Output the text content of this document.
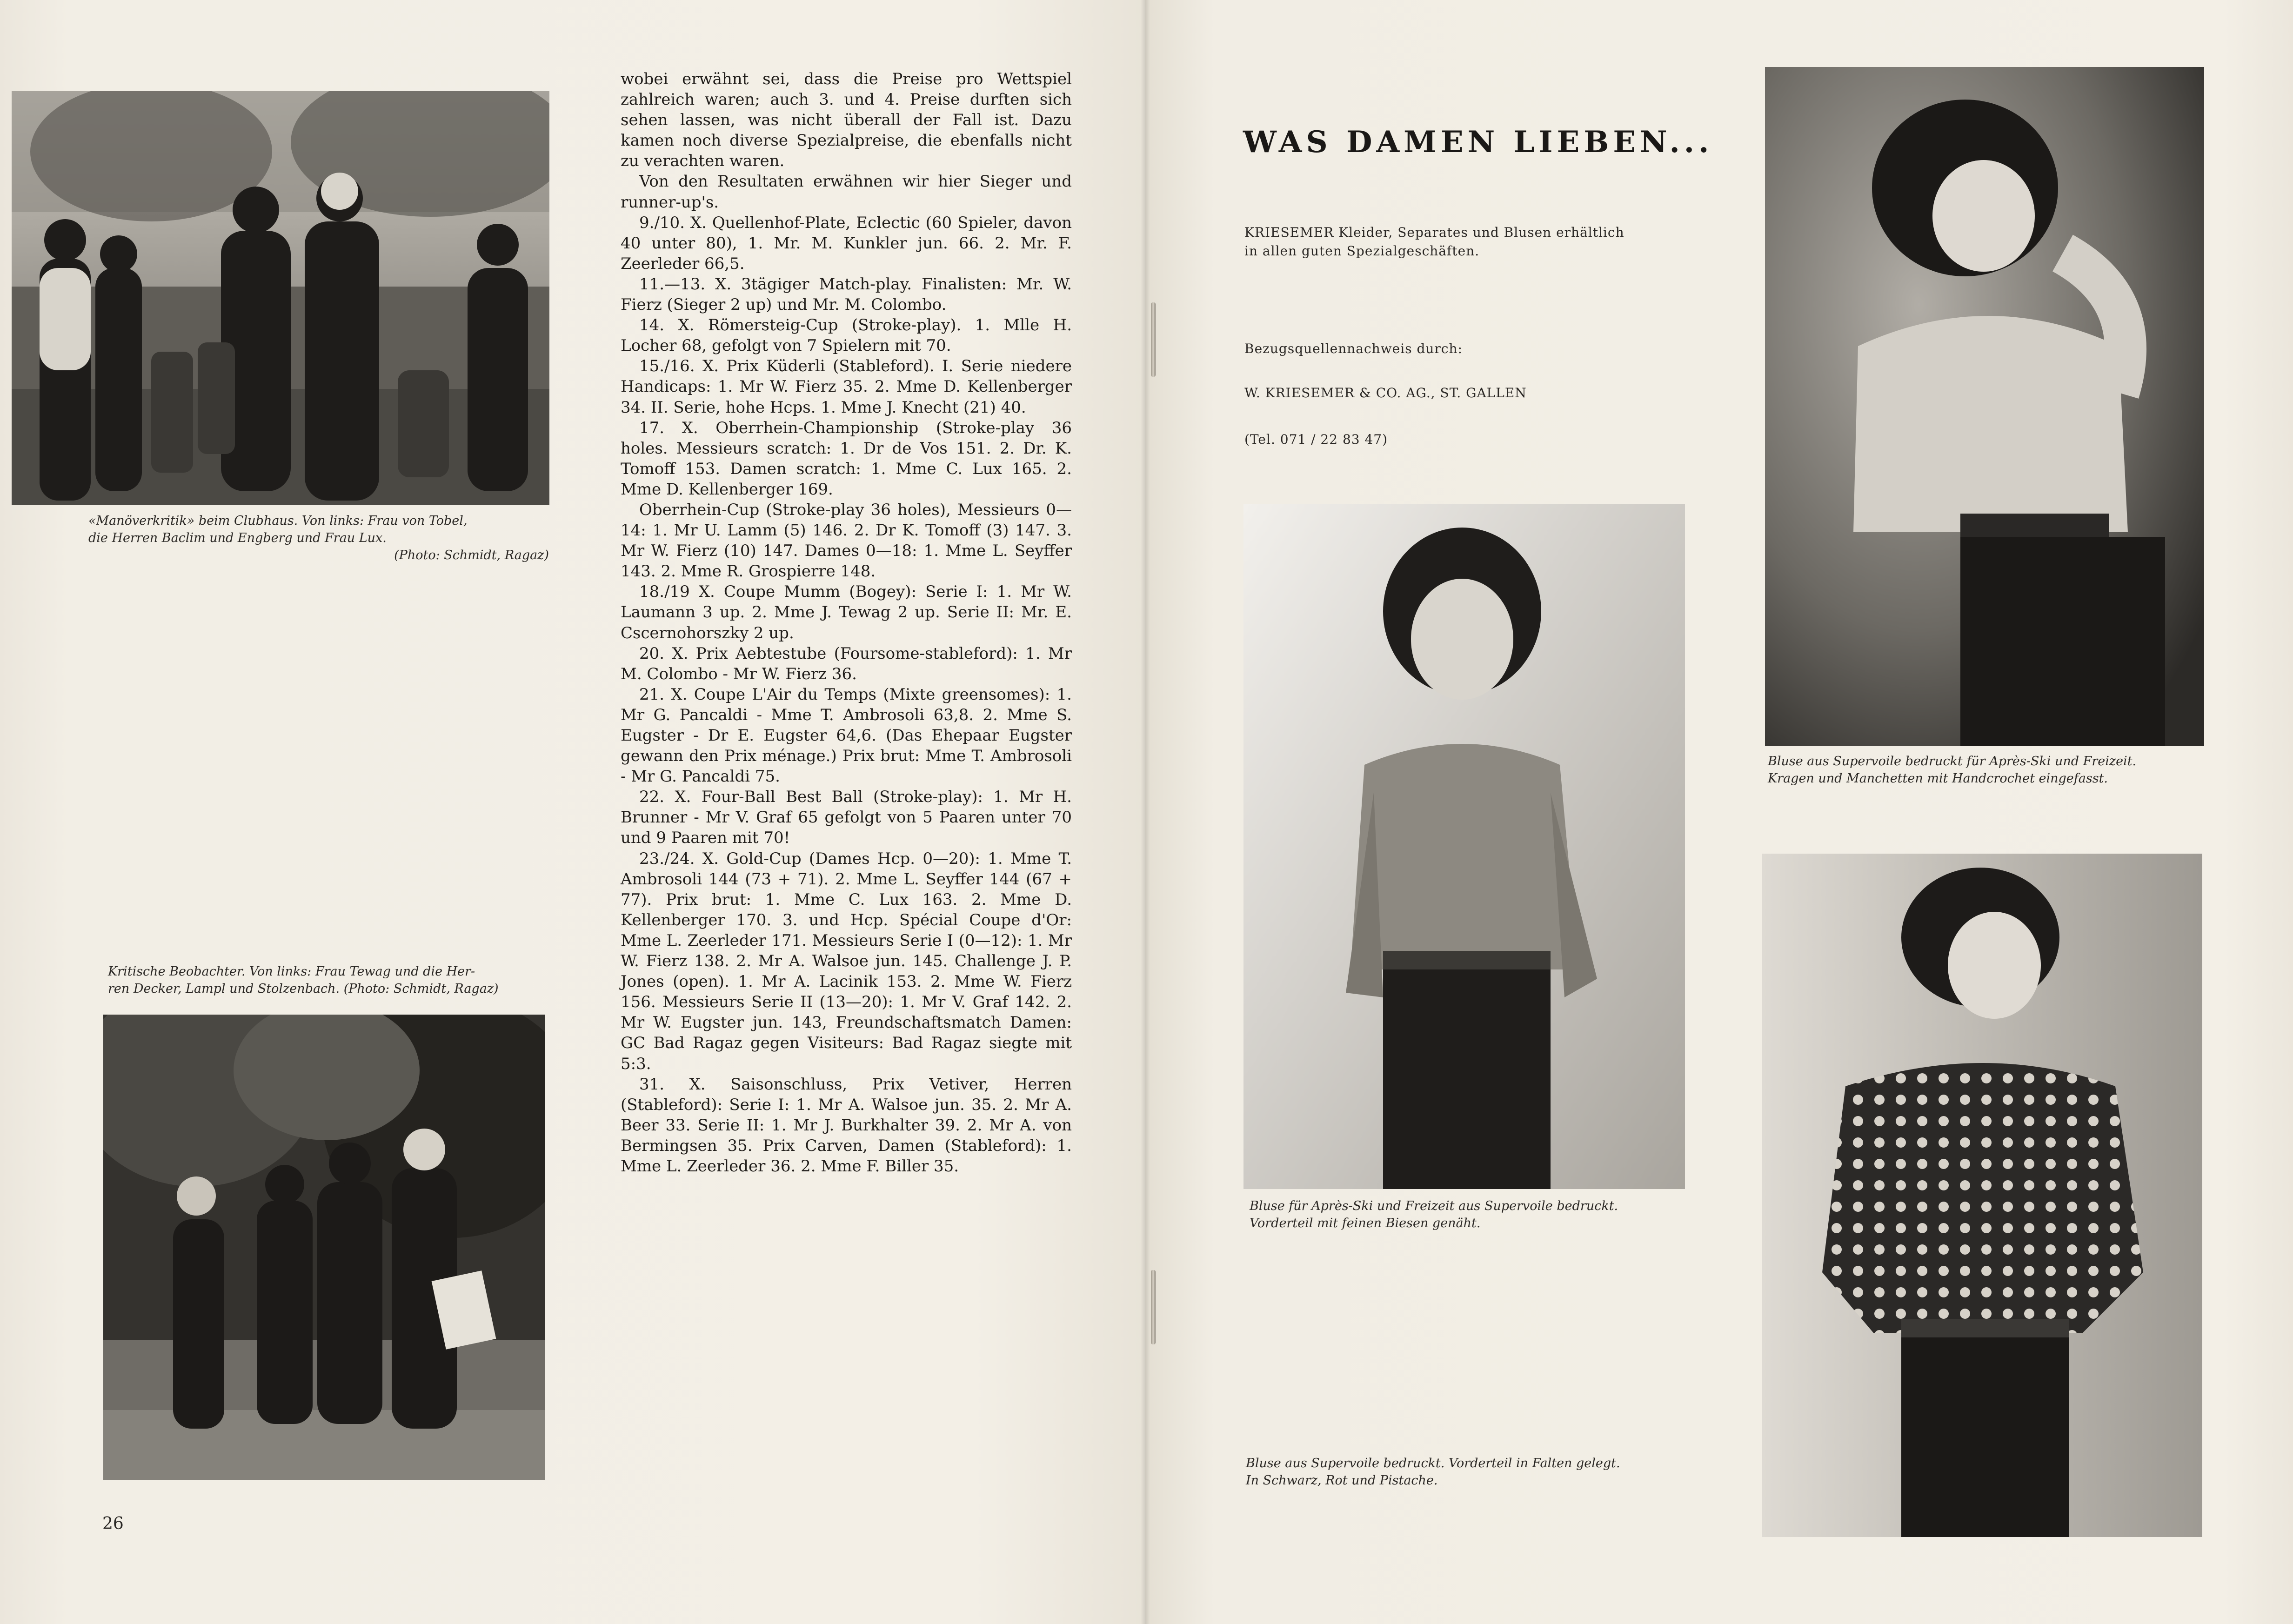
«Manöverkritik» beim Clubhaus. Von links: Frau von Tobel,
die Herren Baclim und Engberg und Frau Lux.
(Photo: Schmidt, Ragaz)
Kritische Beobachter. Von links: Frau Tewag und die Her-
ren Decker, Lampl und Stolzenbach. (Photo: Schmidt, Ragaz)
26

wobei erwähnt sei, dass die Preise pro Wettspiel zahlreich waren; auch 3. und 4. Preise durften sich sehen lassen, was nicht überall der Fall ist. Dazu kamen noch diverse Spezialpreise, die ebenfalls nicht zu verachten waren.

Von den Resultaten erwähnen wir hier Sieger und runner-up's.

9./10. X. Quellenhof-Plate, Eclectic (60 Spieler, davon 40 unter 80), 1. Mr. M. Kunkler jun. 66. 2. Mr. F. Zeerleder 66,5.

11.—13. X. 3tägiger Match-play. Finalisten: Mr. W. Fierz (Sieger 2 up) und Mr. M. Colombo.

14. X. Römersteig-Cup (Stroke-play). 1. Mlle H. Locher 68, gefolgt von 7 Spielern mit 70.

15./16. X. Prix Küderli (Stableford). I. Serie niedere Handicaps: 1. Mr W. Fierz 35. 2. Mme D. Kellenberger 34. II. Serie, hohe Hcps. 1. Mme J. Knecht (21) 40.

17. X. Oberrhein-Championship (Stroke-play 36 holes. Messieurs scratch: 1. Dr de Vos 151. 2. Dr. K. Tomoff 153. Damen scratch: 1. Mme C. Lux 165. 2. Mme D. Kellenberger 169.

Oberrhein-Cup (Stroke-play 36 holes), Messieurs 0—14: 1. Mr U. Lamm (5) 146. 2. Dr K. Tomoff (3) 147. 3. Mr W. Fierz (10) 147. Dames 0—18: 1. Mme L. Seyffer 143. 2. Mme R. Grospierre 148.

18./19 X. Coupe Mumm (Bogey): Serie I: 1. Mr W. Laumann 3 up. 2. Mme J. Tewag 2 up. Serie II: Mr. E. Cscernohorszky 2 up.

20. X. Prix Aebtestube (Foursome-stableford): 1. Mr M. Colombo - Mr W. Fierz 36.

21. X. Coupe L'Air du Temps (Mixte greensomes): 1. Mr G. Pancaldi - Mme T. Ambrosoli 63,8. 2. Mme S. Eugster - Dr E. Eugster 64,6. (Das Ehepaar Eugster gewann den Prix ménage.) Prix brut: Mme T. Ambrosoli - Mr G. Pancaldi 75.

22. X. Four-Ball Best Ball (Stroke-play): 1. Mr H. Brunner - Mr V. Graf 65 gefolgt von 5 Paaren unter 70 und 9 Paaren mit 70!

23./24. X. Gold-Cup (Dames Hcp. 0—20): 1. Mme T. Ambrosoli 144 (73 + 71). 2. Mme L. Seyffer 144 (67 + 77). Prix brut: 1. Mme C. Lux 163. 2. Mme D. Kellenberger 170. 3. und Hcp. Spécial Coupe d'Or: Mme L. Zeerleder 171. Messieurs Serie I (0—12): 1. Mr W. Fierz 138. 2. Mr A. Walsoe jun. 145. Challenge J. P. Jones (open). 1. Mr A. Lacinik 153. 2. Mme W. Fierz 156. Messieurs Serie II (13—20): 1. Mr V. Graf 142. 2. Mr W. Eugster jun. 143, Freundschaftsmatch Damen: GC Bad Ragaz gegen Visiteurs: Bad Ragaz siegte mit 5:3.

31. X. Saisonschluss, Prix Vetiver, Herren (Stableford): Serie I: 1. Mr A. Walsoe jun. 35. 2. Mr A. Beer 33. Serie II: 1. Mr J. Burkhalter 39. 2. Mr A. von Bermingsen 35. Prix Carven, Damen (Stableford): 1. Mme L. Zeerleder 36. 2. Mme F. Biller 35.

WAS DAMEN LIEBEN...
KRIESEMER Kleider, Separates und Blusen erhältlich
in allen guten Spezialgeschäften.
Bezugsquellennachweis durch:
W. KRIESEMER & CO. AG., ST. GALLEN
(Tel. 071 / 22 83 47)
Bluse für Après-Ski und Freizeit aus Supervoile bedruckt.
Vorderteil mit feinen Biesen genäht.
Bluse aus Supervoile bedruckt für Après-Ski und Freizeit.
Kragen und Manchetten mit Handcrochet eingefasst.
Bluse aus Supervoile bedruckt. Vorderteil in Falten gelegt.
In Schwarz, Rot und Pistache.
